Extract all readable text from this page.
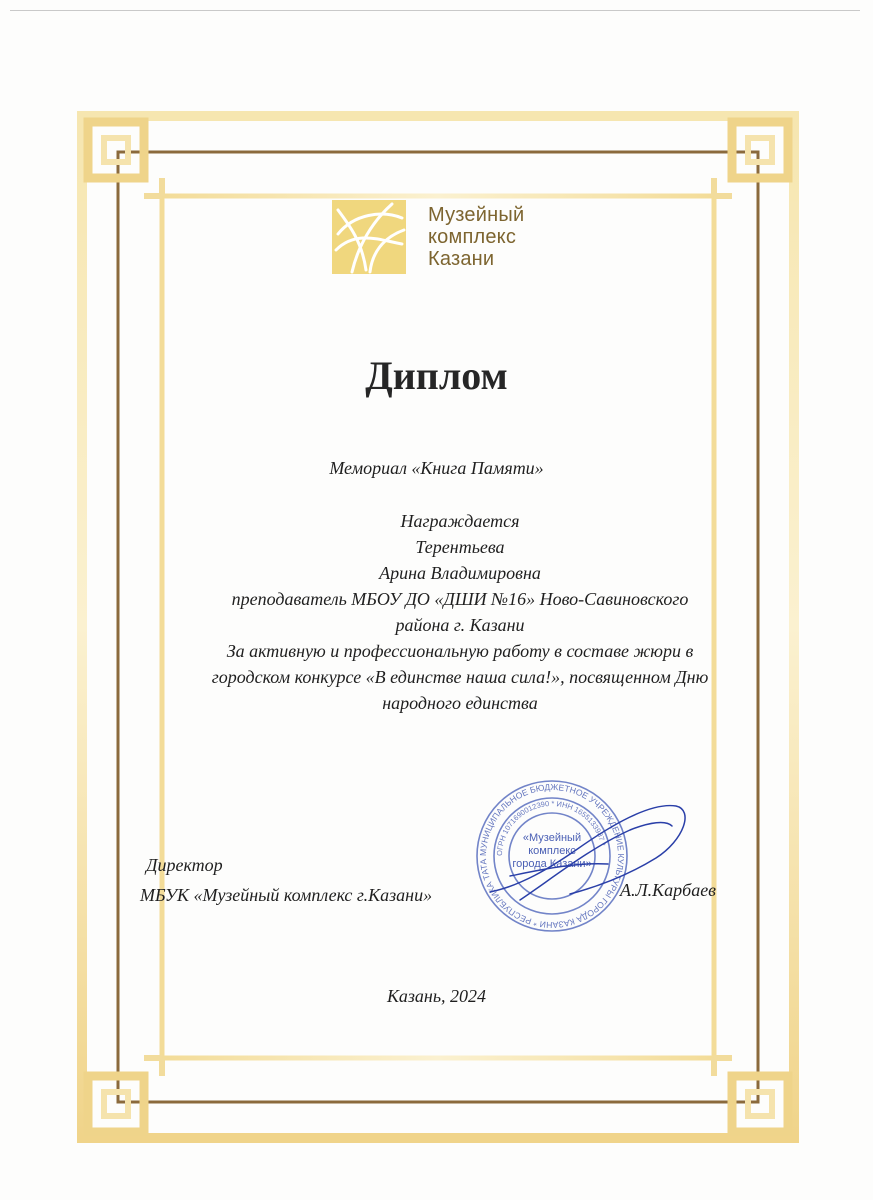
Музейный
комплекс
Казани
Диплом
Мемориал «Книга Памяти»
Награждается
Терентьева
Арина Владимировна
преподаватель МБОУ ДО «ДШИ №16» Ново-Савиновского
района г. Казани
За активную и профессиональную работу в составе жюри в
городском конкурсе «В единстве наша сила!», посвященном Дню
народного единства
Директор
МБУК «Музейный комплекс г.Казани»
МУНИЦИПАЛЬНОЕ БЮДЖЕТНОЕ УЧРЕЖДЕНИЕ КУЛЬТУРЫ ГОРОДА КАЗАНИ * РЕСПУБЛИКА ТАТА
ОГРН 1071690012390 * ИНН 1655133987 *
«Музейный
комплекс
города Казани»
А.Л.Карбаев
Казань, 2024
